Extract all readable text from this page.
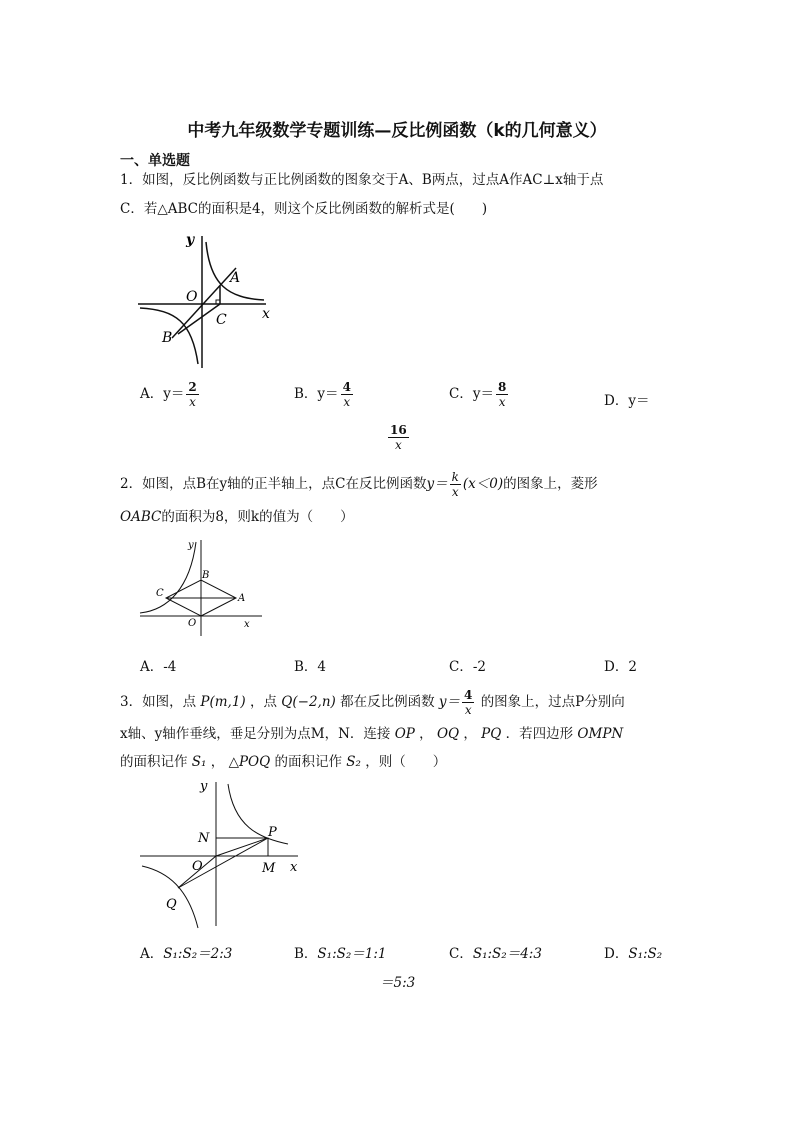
中考九年级数学专题训练—反比例函数（k的几何意义）
一、单选题
1．如图，反比例函数与正比例函数的图象交于A、B两点，过点A作AC⊥x轴于点
C．若△ABC的面积是4，则这个反比例函数的解析式是(　　)
y
x
O
A
B
C
A．$y= \frac{2}{x}$	B．$y= \frac{4}{x}$	C．$y= \frac{8}{x}$	D．y＝
$\frac{16}{x}$
2．如图，点B在y轴的正半轴上，点C在反比例函数$y= \frac{k}{x} (x<0)$的图象上，菱形
OABC的面积为8，则k的值为（　　）
y
x
O
A
B
C
A．-4	B．4	C．-2	D．2
3．如图，点 P(m,1) ，点 Q(−2,n) 都在反比例函数 $y= \frac{4}{x}$ 的图象上，过点P分别向
x轴、y轴作垂线，垂足分别为点M，N．连接 OP ， OQ ， PQ ．若四边形 OMPN
的面积记作 S₁ ， △POQ 的面积记作 S₂ ，则（　　）
y
x
N	P
O	M
Q
A．S₁:S₂＝2:3	B．S₁:S₂＝1:1	C．S₁:S₂＝4:3	D．S₁:S₂
＝5:3
